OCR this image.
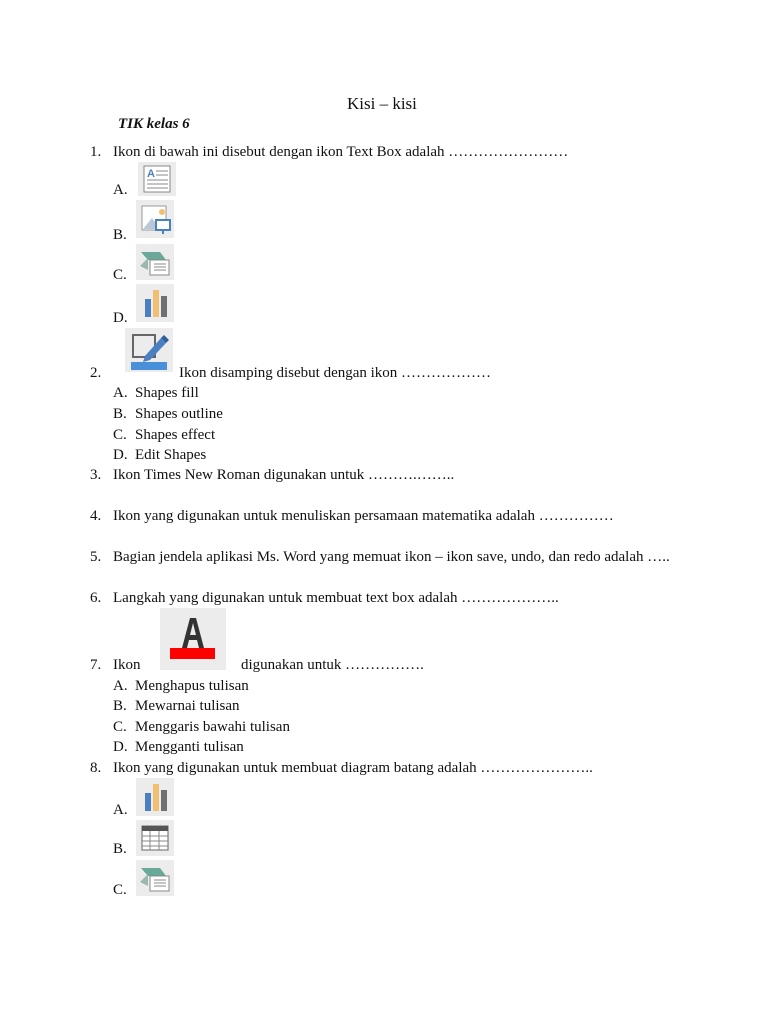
Kisi – kisi
TIK kelas 6
1. Ikon di bawah ini disebut dengan ikon Text Box adalah ……………………
A.
A
B.
C.
D.
2.	Ikon disamping disebut dengan ikon ………………
A. Shapes fill
B. Shapes outline
C. Shapes effect
D. Edit Shapes
3. Ikon Times New Roman digunakan untuk ……….……..
4. Ikon yang digunakan untuk menuliskan persamaan matematika adalah ……………
5. Bagian jendela aplikasi Ms. Word yang memuat ikon – ikon save, undo, dan redo adalah …..
6. Langkah yang digunakan untuk membuat text box adalah ………………..
7. Ikon	digunakan untuk …………….
A. Menghapus tulisan
B. Mewarnai tulisan
C. Menggaris bawahi tulisan
D. Mengganti tulisan
8. Ikon yang digunakan untuk membuat diagram batang adalah …………………..
A.
B.
C.
